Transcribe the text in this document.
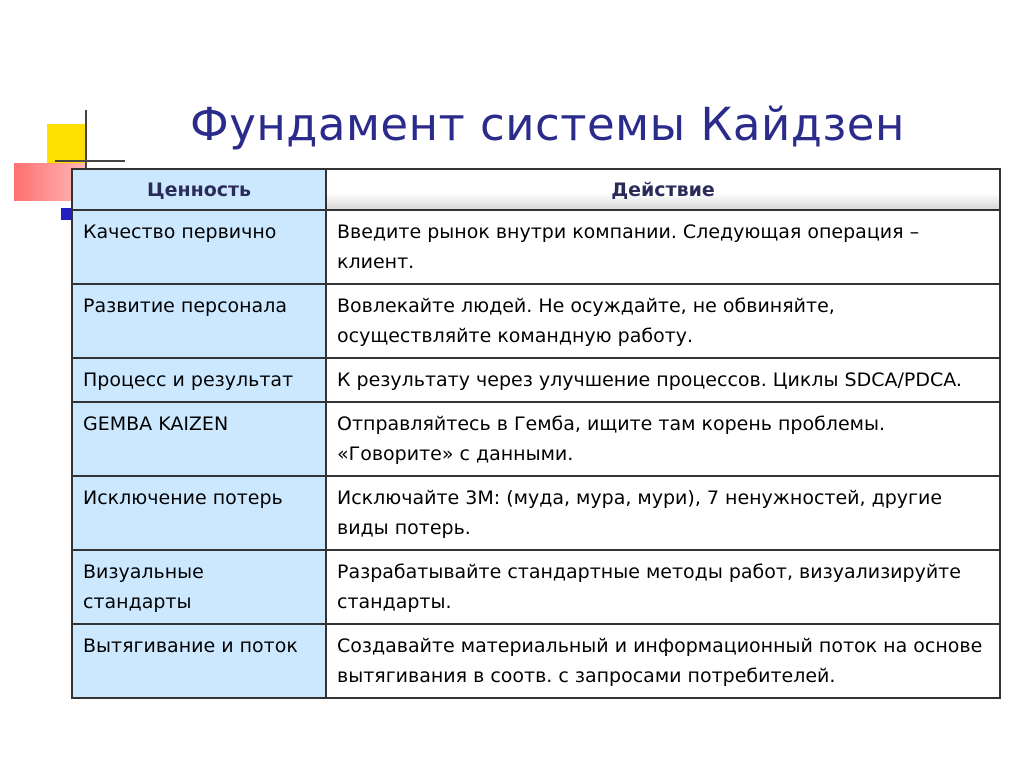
Фундамент системы Кайдзен
Ценность	Действие
Качество первично	Введите рынок внутри компании. Следующая операция – клиент.
Развитие персонала	Вовлекайте людей. Не осуждайте, не обвиняйте, осуществляйте командную работу.
Процесс и результат	К результату через улучшение процессов. Циклы SDCA/PDCA.
GEMBA KAIZEN	Отправляйтесь в Гемба, ищите там корень проблемы. «Говорите» с данными.
Исключение потерь	Исключайте 3М: (муда, мура, мури), 7 ненужностей, другие виды потерь.
Визуальные стандарты	Разрабатывайте стандартные методы работ, визуализируйте стандарты.
Вытягивание и поток	Создавайте материальный и информационный поток на основе вытягивания в соотв. с запросами потребителей.
